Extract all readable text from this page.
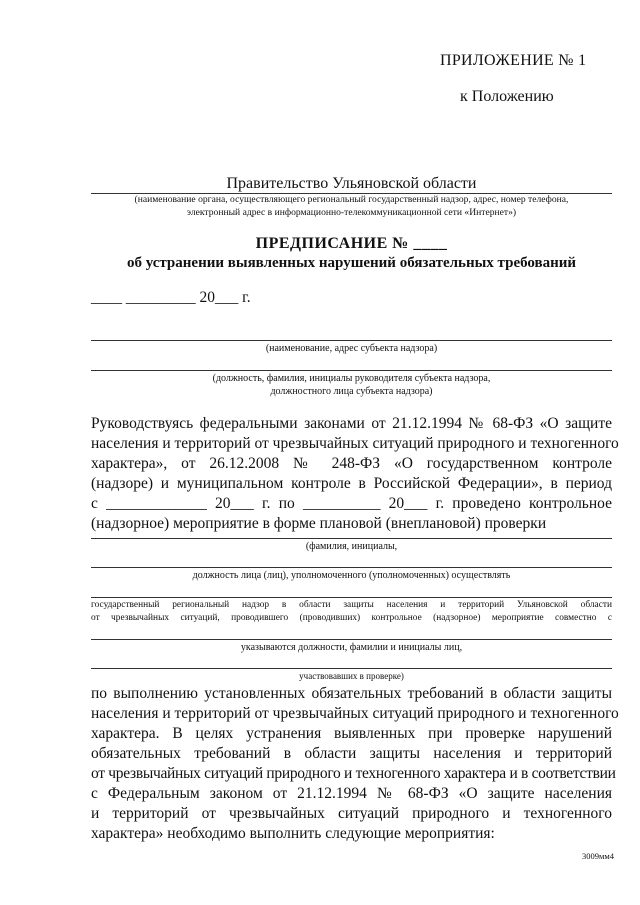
ПРИЛОЖЕНИЕ № 1
к Положению
Правительство Ульяновской области
(наименование органа, осуществляющего региональный государственный надзор, адрес, номер телефона,
электронный адрес в информационно-телекоммуникационной сети «Интернет»)
ПРЕДПИСАНИЕ № ____
об устранении выявленных нарушений обязательных требований
____ _________ 20___ г.
(наименование, адрес субъекта надзора)
(должность, фамилия, инициалы руководителя субъекта надзора,
должностного лица субъекта надзора)
Руководствуясь федеральными законами от 21.12.1994 № 68-ФЗ «О защите
населения и территорий от чрезвычайных ситуаций природного и техногенного
характера», от 26.12.2008 № 248-ФЗ «О государственном контроле
(надзоре) и муниципальном контроле в Российской Федерации», в период
с _____________ 20___ г. по __________ 20___ г. проведено контрольное
(надзорное) мероприятие в форме плановой (внеплановой) проверки
(фамилия, инициалы,
должность лица (лиц), уполномоченного (уполномоченных) осуществлять
государственный региональный надзор в области защиты населения и территорий Ульяновской области
от чрезвычайных ситуаций, проводившего (проводивших) контрольное (надзорное) мероприятие совместно с
указываются должности, фамилии и инициалы лиц,
участвовавших в проверке)
по выполнению установленных обязательных требований в области защиты
населения и территорий от чрезвычайных ситуаций природного и техногенного
характера. В целях устранения выявленных при проверке нарушений
обязательных требований в области защиты населения и территорий
от чрезвычайных ситуаций природного и техногенного характера и в соответствии
с Федеральным законом от 21.12.1994 № 68-ФЗ «О защите населения
и территорий от чрезвычайных ситуаций природного и техногенного
характера» необходимо выполнить следующие мероприятия:
3009мм4
